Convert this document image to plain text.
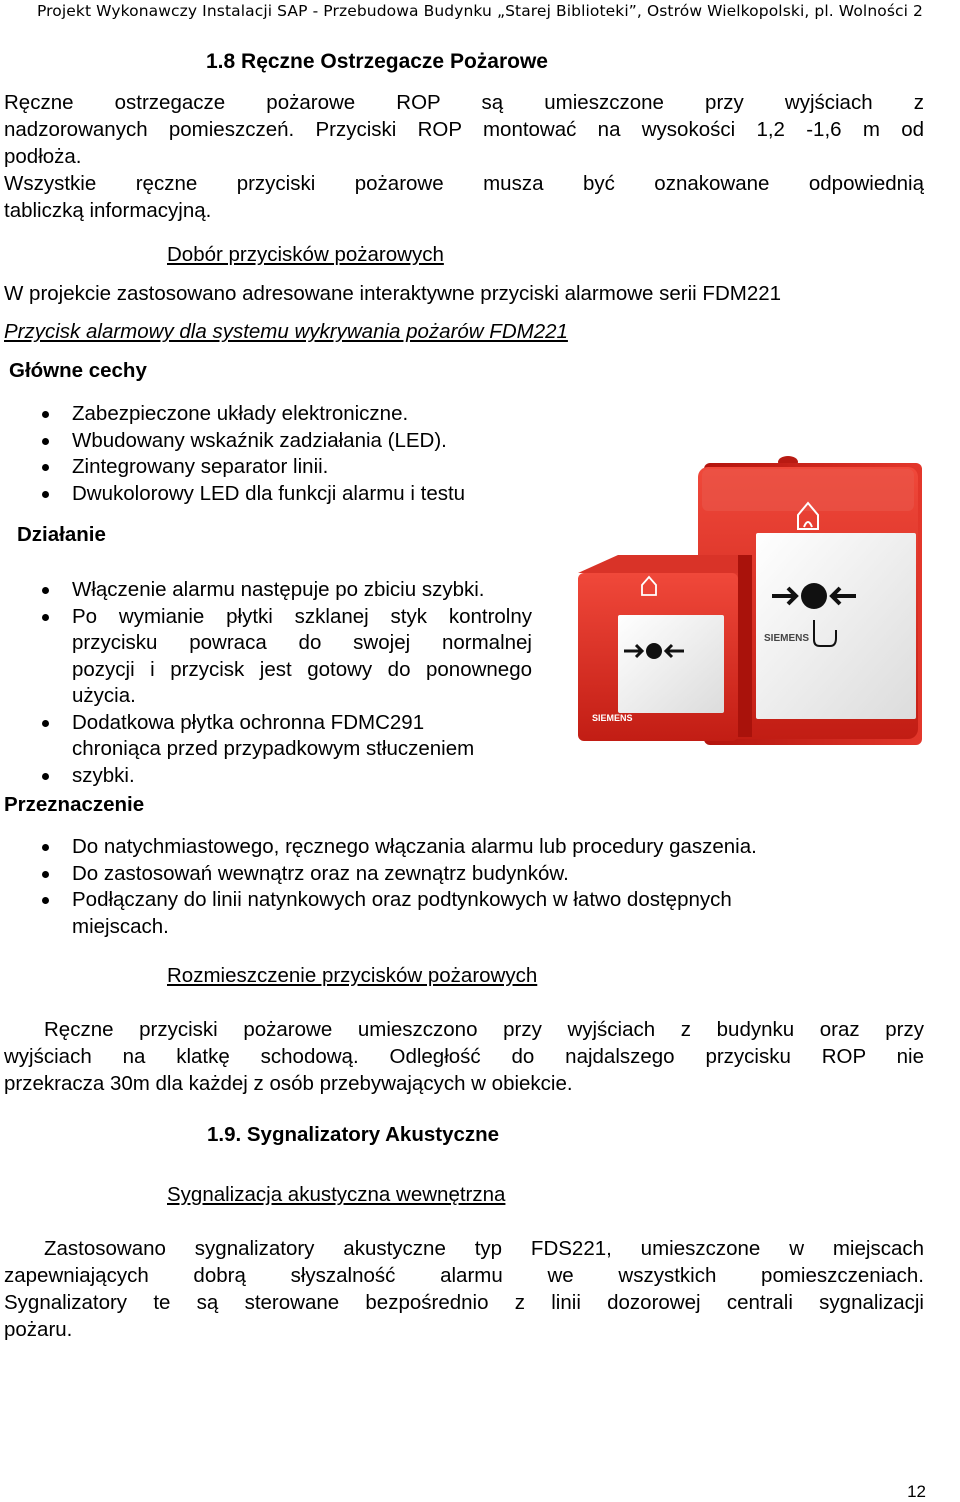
Projekt Wykonawczy Instalacji SAP - Przebudowa Budynku „Starej Biblioteki”, Ostrów Wielkopolski, pl. Wolności 2
1.8 Ręczne Ostrzegacze Pożarowe
Ręczne ostrzegacze pożarowe ROP są umieszczone przy wyjściach z
nadzorowanych pomieszczeń. Przyciski ROP montować na wysokości 1,2 -1,6 m od
podłoża.
Wszystkie ręczne przyciski pożarowe musza być oznakowane odpowiednią
tabliczką informacyjną.
Dobór przycisków pożarowych
W projekcie zastosowano adresowane interaktywne przyciski alarmowe serii FDM221
Przycisk alarmowy dla systemu wykrywania pożarów FDM221
Główne cechy
Zabezpieczone układy elektroniczne.
Wbudowany wskaźnik zadziałania (LED).
Zintegrowany separator linii.
Dwukolorowy LED dla funkcji alarmu i testu
Działanie
Włączenie alarmu następuje po zbiciu szybki.
Po wymianie płytki szklanej styk kontrolny
przycisku powraca do swojej normalnej
pozycji i przycisk jest gotowy do ponownego
użycia.
Dodatkowa płytka ochronna FDMC291
chroniąca przed przypadkowym stłuczeniem
szybki.
SIEMENS
SIEMENS
Przeznaczenie
Do natychmiastowego, ręcznego włączania alarmu lub procedury gaszenia.
Do zastosowań wewnątrz oraz na zewnątrz budynków.
Podłączany do linii natynkowych oraz podtynkowych w łatwo dostępnych
miejscach.
Rozmieszczenie przycisków pożarowych
Ręczne przyciski pożarowe umieszczono przy wyjściach z budynku oraz przy
wyjściach na klatkę schodową. Odległość do najdalszego przycisku ROP nie
przekracza 30m dla każdej z osób przebywających w obiekcie.
1.9. Sygnalizatory Akustyczne
Sygnalizacja akustyczna wewnętrzna
Zastosowano sygnalizatory akustyczne typ FDS221, umieszczone w miejscach
zapewniających dobrą słyszalność alarmu we wszystkich pomieszczeniach.
Sygnalizatory te są sterowane bezpośrednio z linii dozorowej centrali sygnalizacji
pożaru.
12
